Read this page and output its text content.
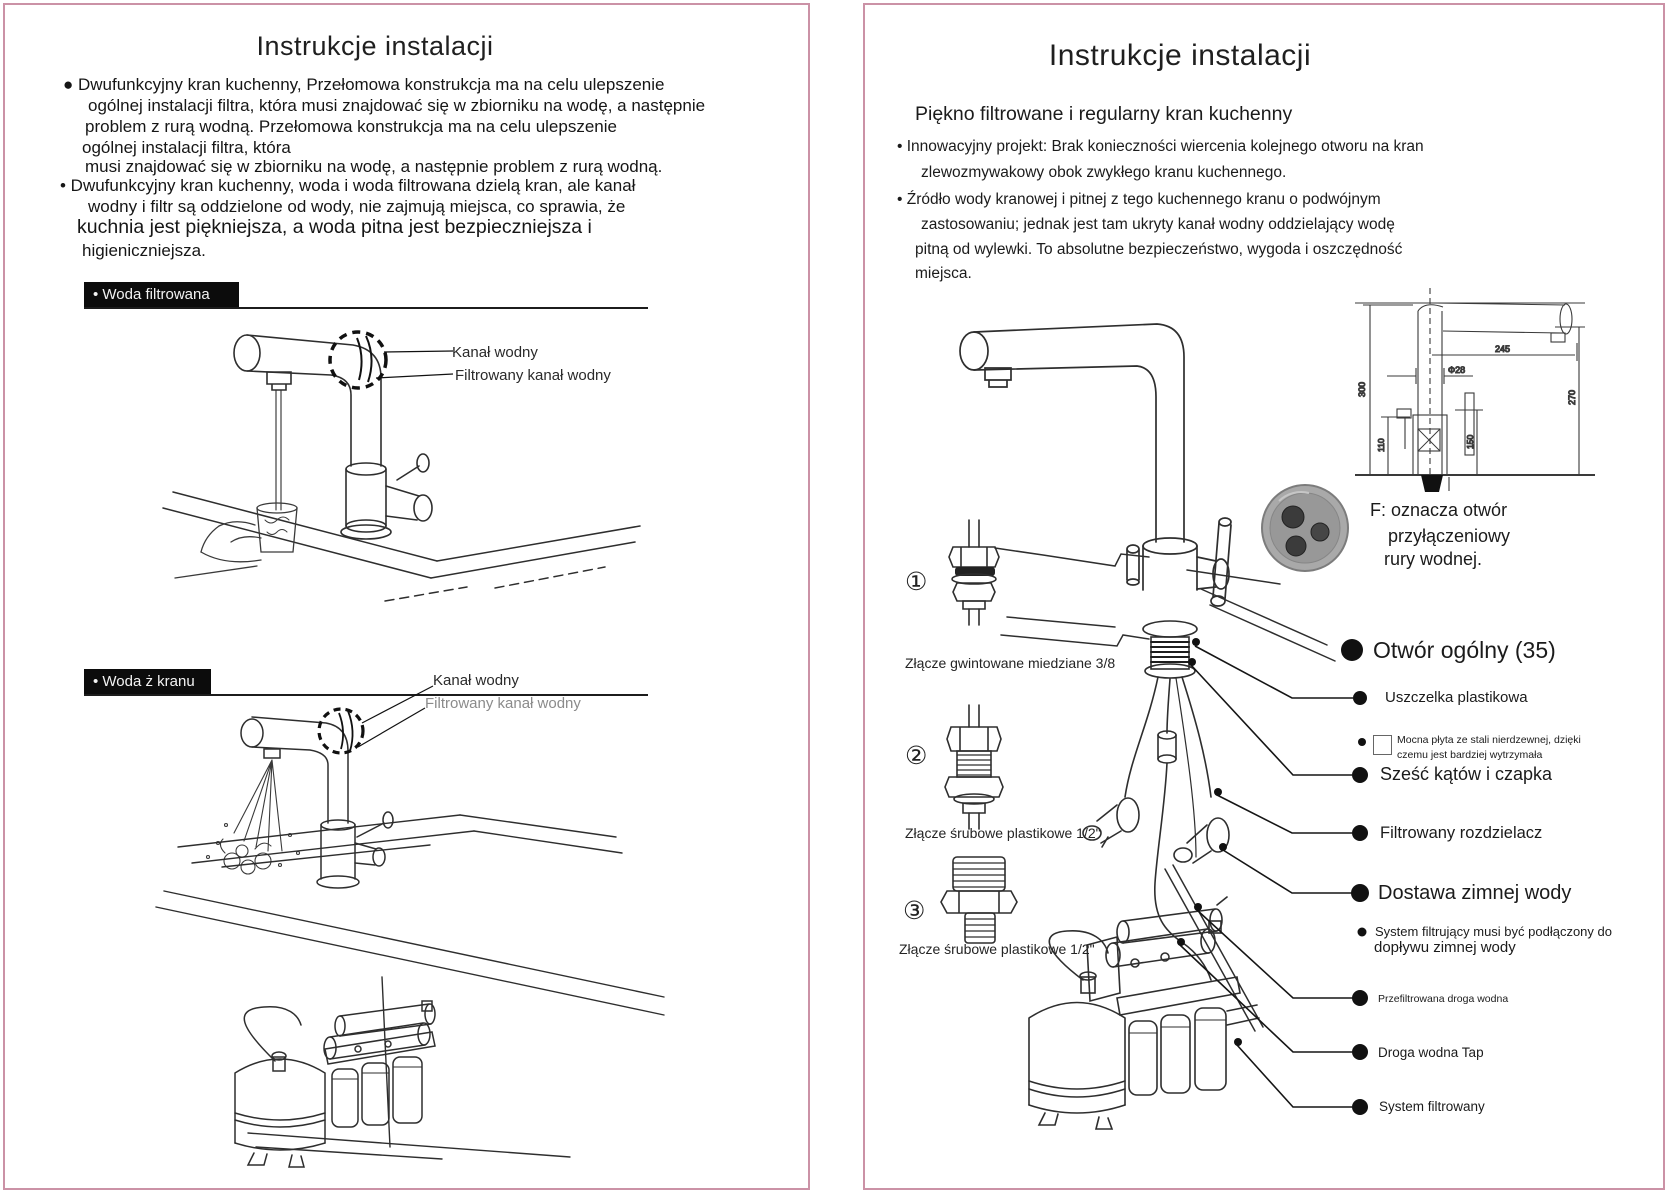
Instrukcje instalacji
● Dwufunkcyjny kran kuchenny, Przełomowa konstrukcja ma na celu ulepszenie
ogólnej instalacji filtra, która musi znajdować się w zbiorniku na wodę, a następnie
problem z rurą wodną. Przełomowa konstrukcja ma na celu ulepszenie
ogólnej instalacji filtra, która
musi znajdować się w zbiorniku na wodę, a następnie problem z rurą wodną.
• Dwufunkcyjny kran kuchenny, woda i woda filtrowana dzielą kran, ale kanał
wodny i filtr są oddzielone od wody, nie zajmują miejsca, co sprawia, że
kuchnia jest piękniejsza, a woda pitna jest bezpieczniejsza i
higieniczniejsza.
• Woda filtrowana
Kanał wodny
Filtrowany kanał wodny
• Woda ż kranu	Kanał wodny
Filtrowany kanał wodny
Instrukcje instalacji
Piękno filtrowane i regularny kran kuchenny
• Innowacyjny projekt: Brak konieczności wiercenia kolejnego otworu na kran
zlewozmywakowy obok zwykłego kranu kuchennego.
• Źródło wody kranowej i pitnej z tego kuchennego kranu o podwójnym
zastosowaniu; jednak jest tam ukryty kanał wodny oddzielający wodę
pitną od wylewki. To absolutne bezpieczeństwo, wygoda i oszczędność
miejsca.
245
Φ28
300
110	150
270
F: oznacza otwór
przyłączeniowy
rury wodnej.
①
Złącze gwintowane miedziane 3/8
②
Złącze śrubowe plastikowe 1/2"
③
Złącze śrubowe plastikowe 1/2"
Otwór ogólny (35)
Uszczelka plastikowa
Mocna płyta ze stali nierdzewnej, dzięki
czemu jest bardziej wytrzymała
Sześć kątów i czapka
Filtrowany rozdzielacz
Dostawa zimnej wody
System filtrujący musi być podłączony do
dopływu zimnej wody
Przefiltrowana droga wodna
Droga wodna Tap
System filtrowany
